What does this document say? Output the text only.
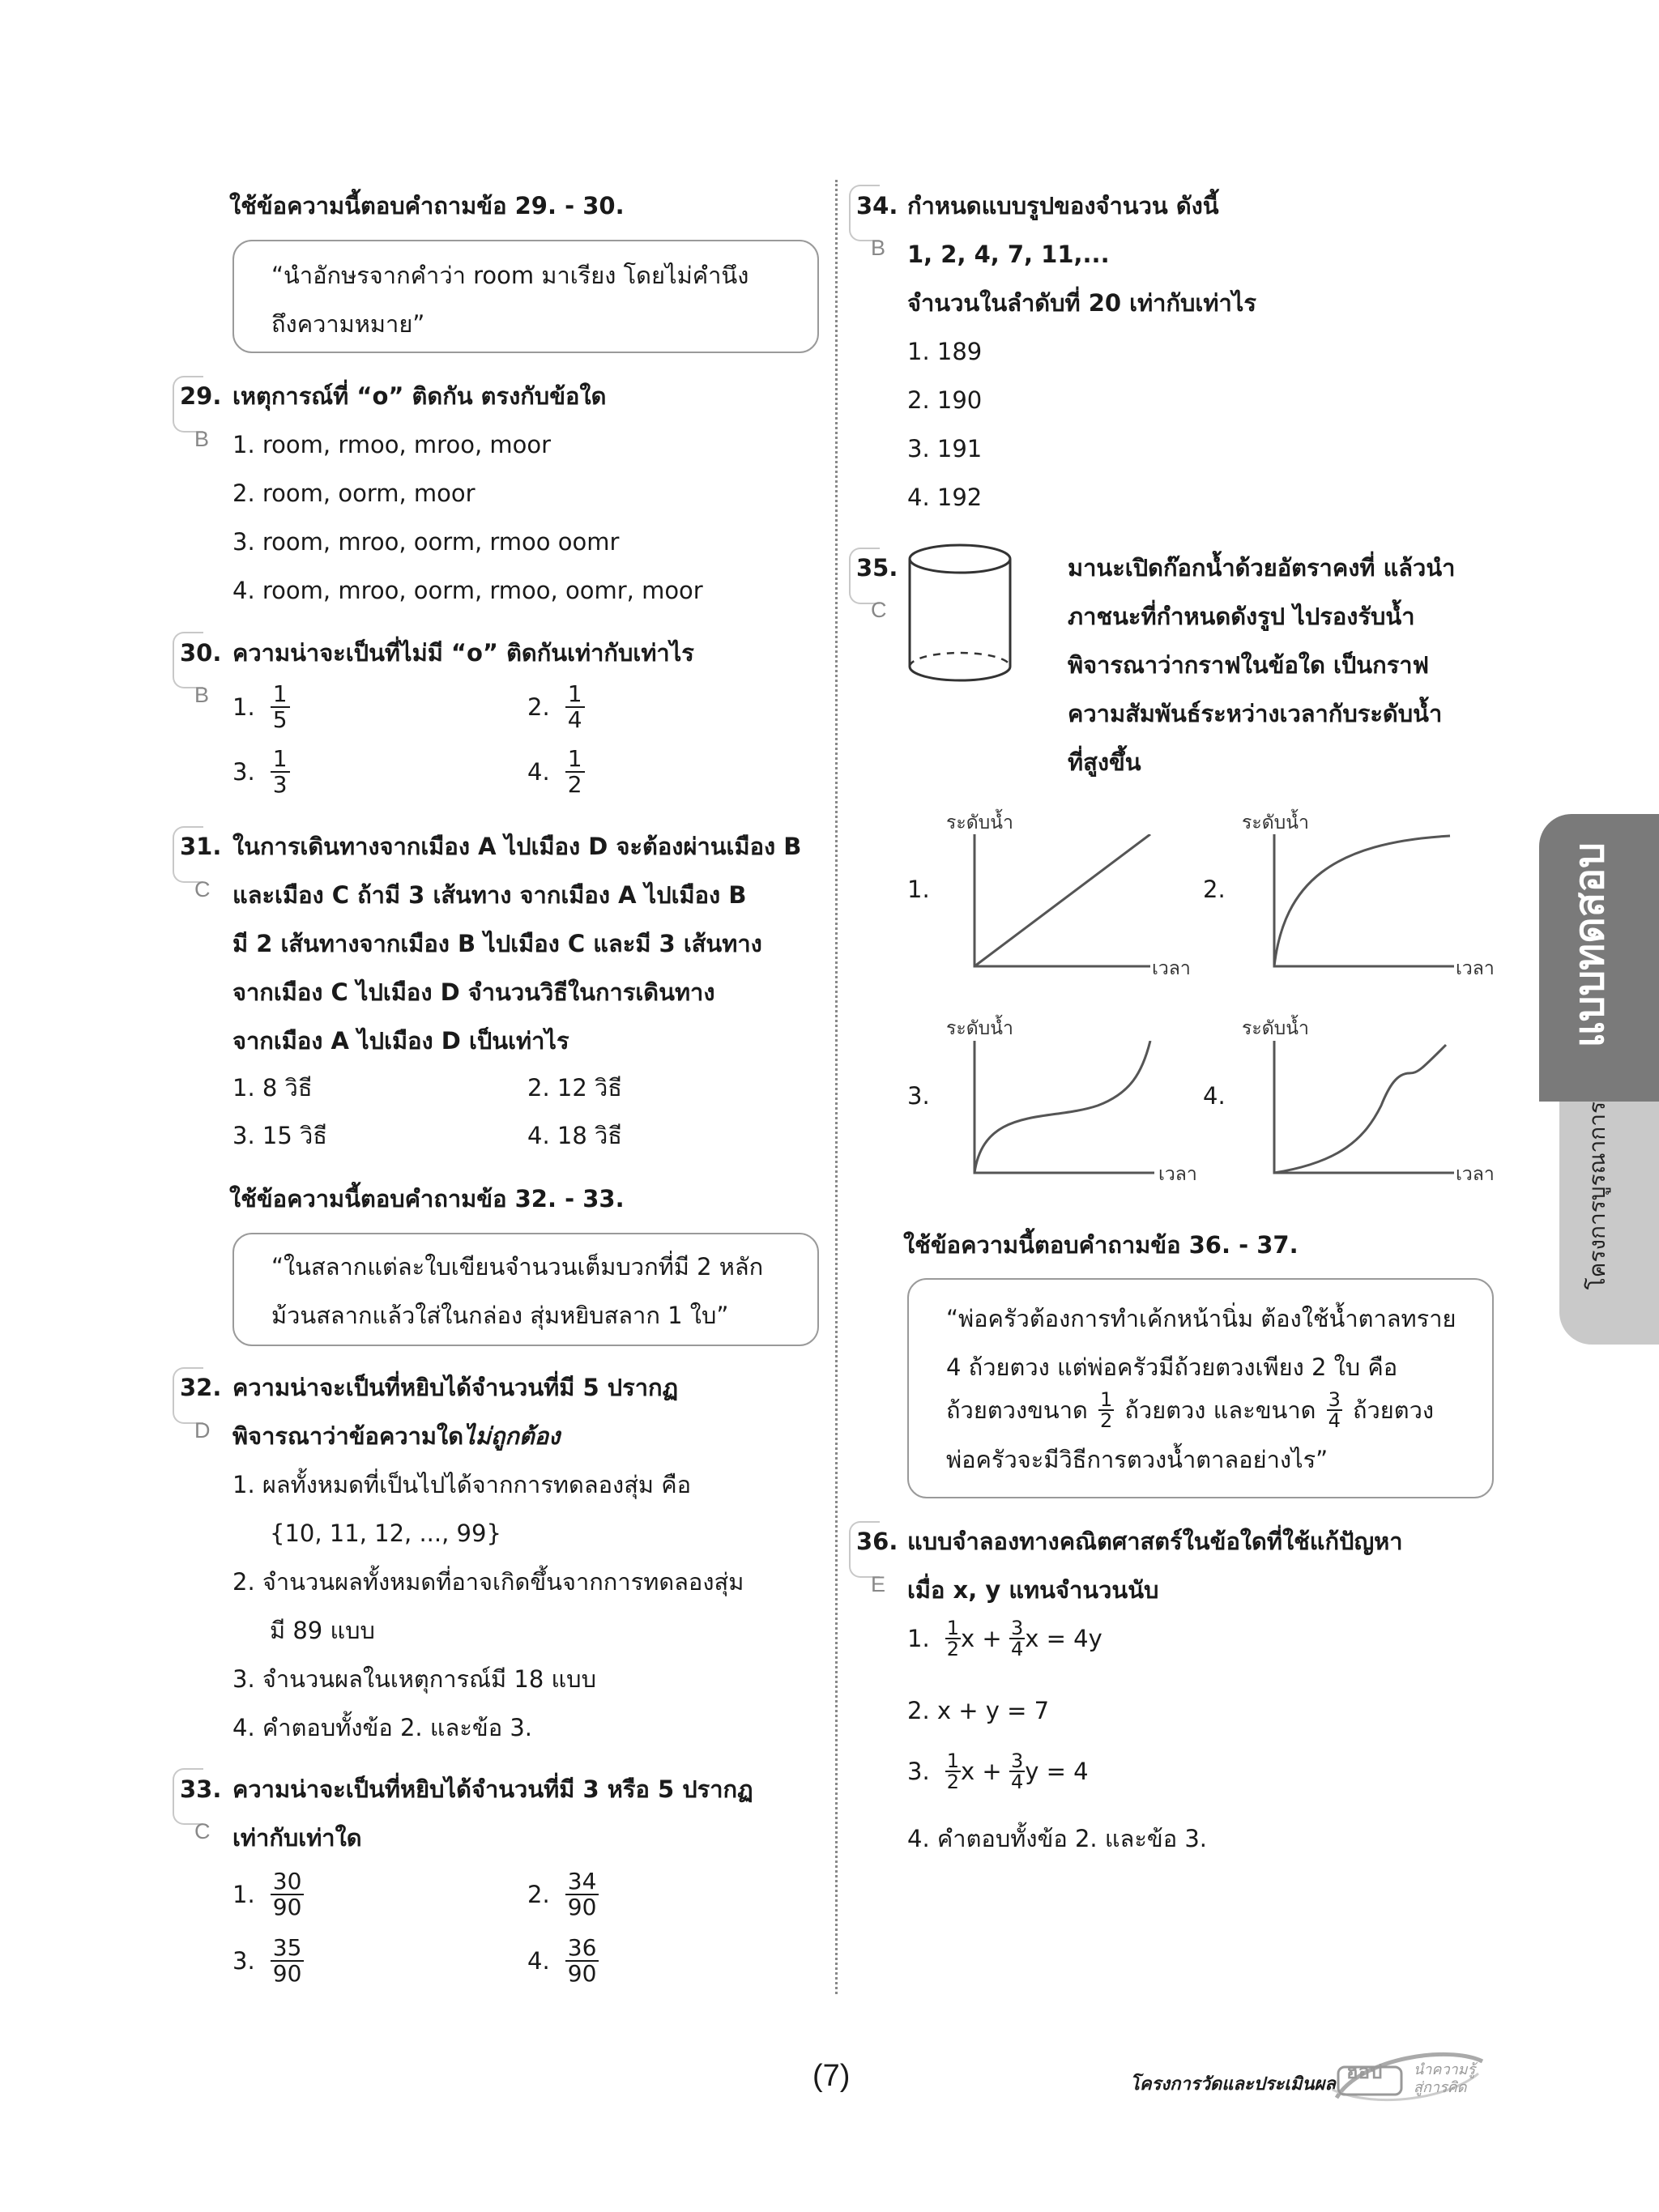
ใช้ข้อความนี้ตอบคำถามข้อ 29. - 30.
“นำอักษรจากคำว่า room มาเรียง โดยไม่คำนึง
ถึงความหมาย”
B
29. เหตุการณ์ที่ “o” ติดกัน ตรงกับข้อใด
1. room, rmoo, mroo, moor
2. room, oorm, moor
3. room, mroo, oorm, rmoo oomr
4. room, mroo, oorm, rmoo, oomr, moor
B
30. ความน่าจะเป็นที่ไม่มี “o” ติดกันเท่ากับเท่าไร
1. $\frac{1}{5}$	2. $\frac{1}{4}$
3. $\frac{1}{3}$	4. $\frac{1}{2}$
C
31. ในการเดินทางจากเมือง A ไปเมือง D จะต้องผ่านเมือง B
และเมือง C ถ้ามี 3 เส้นทาง จากเมือง A ไปเมือง B
มี 2 เส้นทางจากเมือง B ไปเมือง C และมี 3 เส้นทาง
จากเมือง C ไปเมือง D จำนวนวิธีในการเดินทาง
จากเมือง A ไปเมือง D เป็นเท่าไร
1. 8 วิธี	2. 12 วิธี
3. 15 วิธี	4. 18 วิธี
ใช้ข้อความนี้ตอบคำถามข้อ 32. - 33.
“ในสลากแต่ละใบเขียนจำนวนเต็มบวกที่มี 2 หลัก
ม้วนสลากแล้วใส่ในกล่อง สุ่มหยิบสลาก 1 ใบ”
D
32. ความน่าจะเป็นที่หยิบได้จำนวนที่มี 5 ปรากฏ
พิจารณาว่าข้อความใดไม่ถูกต้อง
1. ผลทั้งหมดที่เป็นไปได้จากการทดลองสุ่ม คือ
{10, 11, 12, ..., 99}
2. จำนวนผลทั้งหมดที่อาจเกิดขึ้นจากการทดลองสุ่ม
มี 89 แบบ
3. จำนวนผลในเหตุการณ์มี 18 แบบ
4. คำตอบทั้งข้อ 2. และข้อ 3.
C
33. ความน่าจะเป็นที่หยิบได้จำนวนที่มี 3 หรือ 5 ปรากฏ
เท่ากับเท่าใด
1. $\frac{30}{90}$	2. $\frac{34}{90}$
3. $\frac{35}{90}$	4. $\frac{36}{90}$
B
34. กำหนดแบบรูปของจำนวน ดังนี้
1, 2, 4, 7, 11,...
จำนวนในลำดับที่ 20 เท่ากับเท่าไร
1. 189
2. 190
3. 191
4. 192
C
35.	มานะเปิดก๊อกน้ำด้วยอัตราคงที่ แล้วนำ
ภาชนะที่กำหนดดังรูป ไปรองรับน้ำ
พิจารณาว่ากราฟในข้อใด เป็นกราฟ
ความสัมพันธ์ระหว่างเวลากับระดับน้ำ
ที่สูงขึ้น
1.
ระดับน้ำ
เวลา
2.
ระดับน้ำ
เวลา
3.
ระดับน้ำ
เวลา
4.
ระดับน้ำ
เวลา
ใช้ข้อความนี้ตอบคำถามข้อ 36. - 37.
“พ่อครัวต้องการทำเค้กหน้านิ่ม ต้องใช้น้ำตาลทราย
4 ถ้วยตวง แต่พ่อครัวมีถ้วยตวงเพียง 2 ใบ คือ
ถ้วยตวงขนาด $\frac{1}{2}$ ถ้วยตวง และขนาด $\frac{3}{4}$ ถ้วยตวง
พ่อครัวจะมีวิธีการตวงน้ำตาลอย่างไร”
E
36. แบบจำลองทางคณิตศาสตร์ในข้อใดที่ใช้แก้ปัญหา
เมื่อ x, y แทนจำนวนนับ
1. $\frac{1}{2}$ $x + \frac{3}{4}$ x = 4y
2. x + y = 7
3. $\frac{1}{2}$ $x + \frac{3}{4}$ y = 4
4. คำตอบทั้งข้อ 2. และข้อ 3.
แบบทดสอบ
โครงการบูรณาการ
(7)	โครงการวัดและประเมินผล
ฮอป นำความรู้
สู่การคิด
